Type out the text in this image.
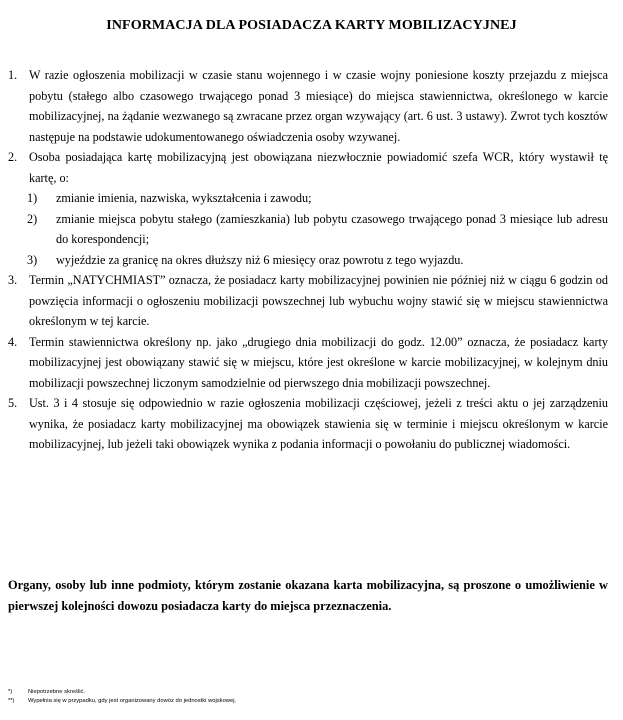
INFORMACJA DLA POSIADACZA KARTY MOBILIZACYJNEJ
1. W razie ogłoszenia mobilizacji w czasie stanu wojennego i w czasie wojny poniesione koszty przejazdu z miejsca pobytu (stałego albo czasowego trwającego ponad 3 miesiące) do miejsca stawiennictwa, określonego w karcie mobilizacyjnej, na żądanie wezwanego są zwracane przez organ wzywający (art. 6 ust. 3 ustawy). Zwrot tych kosztów następuje na podstawie udokumentowanego oświadczenia osoby wzywanej.
2. Osoba posiadająca kartę mobilizacyjną jest obowiązana niezwłocznie powiadomić szefa WCR, który wystawił tę kartę, o:
1)	zmianie imienia, nazwiska, wykształcenia i zawodu;
2)	zmianie miejsca pobytu stałego (zamieszkania) lub pobytu czasowego trwającego ponad 3 miesiące lub adresu do korespondencji;
3)	wyjeździe za granicę na okres dłuższy niż 6 miesięcy oraz powrotu z tego wyjazdu.
3. Termin „NATYCHMIAST” oznacza, że posiadacz karty mobilizacyjnej powinien nie później niż w ciągu 6 godzin od powzięcia informacji o ogłoszeniu mobilizacji powszechnej lub wybuchu wojny stawić się w miejscu stawiennictwa określonym w tej karcie.
4. Termin stawiennictwa określony np. jako „drugiego dnia mobilizacji do godz. 12.00” oznacza, że posiadacz karty mobilizacyjnej jest obowiązany stawić się w miejscu, które jest określone w karcie mobilizacyjnej, w kolejnym dniu mobilizacji powszechnej liczonym samodzielnie od pierwszego dnia mobilizacji powszechnej.
5. Ust. 3 i 4 stosuje się odpowiednio w razie ogłoszenia mobilizacji częściowej, jeżeli z treści aktu o jej zarządzeniu wynika, że posiadacz karty mobilizacyjnej ma obowiązek stawienia się w terminie i miejscu określonym w karcie mobilizacyjnej, lub jeżeli taki obowiązek wynika z podania informacji o powołaniu do publicznej wiadomości.
Organy, osoby lub inne podmioty, którym zostanie okazana karta mobilizacyjna, są proszone o umożliwienie w pierwszej kolejności dowozu posiadacza karty do miejsca przeznaczenia.
*)	Niepotrzebne skreślić.
**)	Wypełnia się w przypadku, gdy jest organizowany dowóz do jednostki wojskowej.
